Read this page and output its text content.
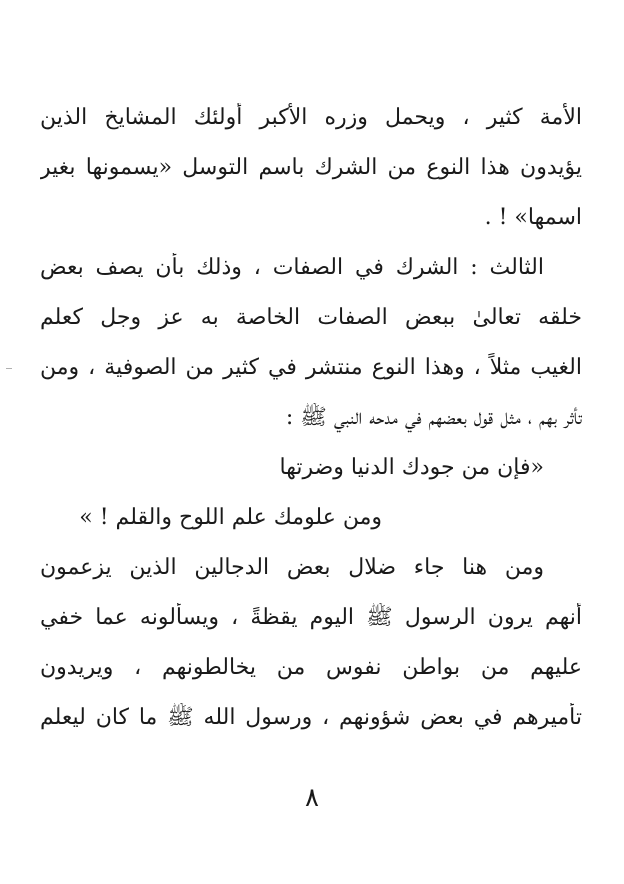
الأمة كثير ، ويحمل وزره الأكبر أولئك المشايخ الذين
يؤيدون هذا النوع من الشرك باسم التوسل «يسمونها بغير
اسمها» ! .
الثالث : الشرك في الصفات ، وذلك بأن يصف بعض
خلقه تعالىٰ ببعض الصفات الخاصة به عز وجل كعلم
الغيب مثلاً ، وهذا النوع منتشر في كثير من الصوفية ، ومن
تأثر بهم ، مثل قول بعضهم في مدحه النبي ﷺ :
«فإن من جودك الدنيا وضرتها
ومن علومك علم اللوح والقلم ! »
ومن هنا جاء ضلال بعض الدجالين الذين يزعمون
أنهم يرون الرسول ﷺ اليوم يقظةً ، ويسألونه عما خفي
عليهم من بواطن نفوس من يخالطونهم ، ويريدون
تأميرهم في بعض شؤونهم ، ورسول الله ﷺ ما كان ليعلم
٨
